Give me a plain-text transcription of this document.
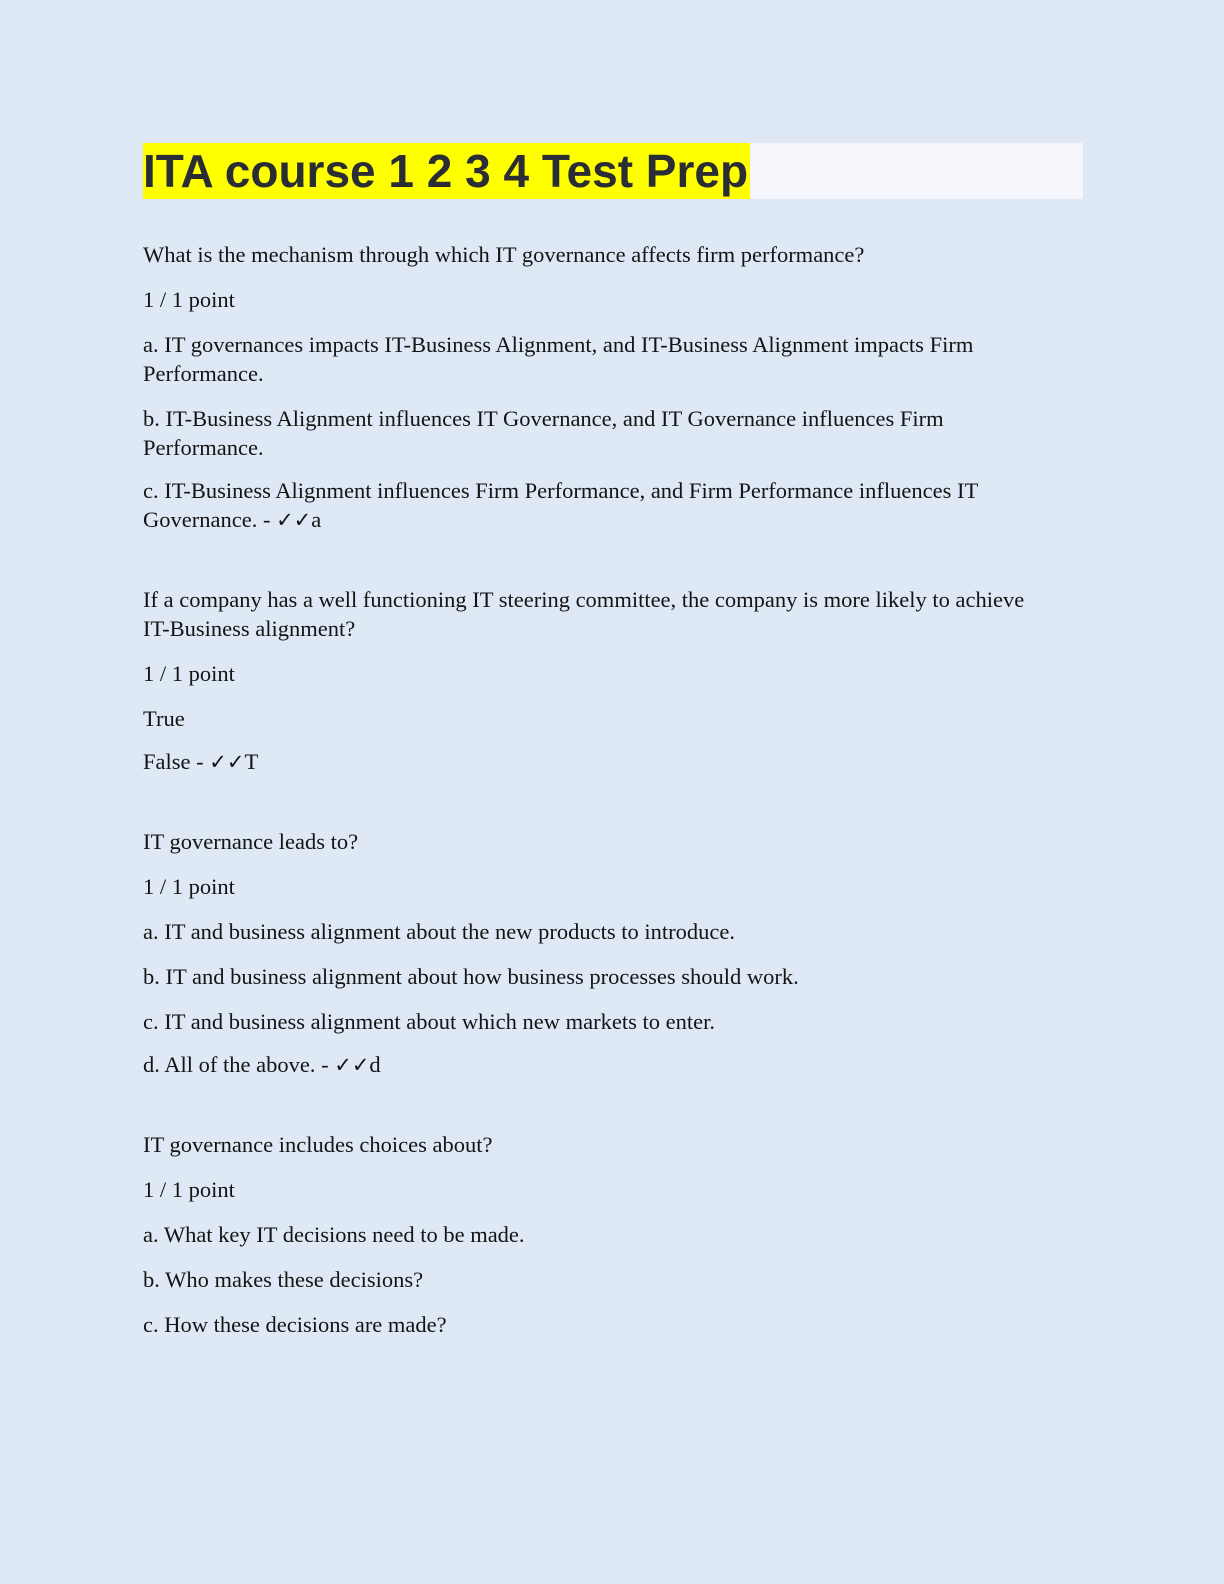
ITA course 1 2 3 4 Test Prep

What is the mechanism through which IT governance affects firm performance?

1 / 1 point

a. IT governances impacts IT-Business Alignment, and IT-Business Alignment impacts Firm Performance.

b. IT-Business Alignment influences IT Governance, and IT Governance influences Firm Performance.

c. IT-Business Alignment influences Firm Performance, and Firm Performance influences IT Governance. - ✓✓a

If a company has a well functioning IT steering committee, the company is more likely to achieve IT-Business alignment?

1 / 1 point

True

False - ✓✓T

IT governance leads to?

1 / 1 point

a. IT and business alignment about the new products to introduce.

b. IT and business alignment about how business processes should work.

c. IT and business alignment about which new markets to enter.

d. All of the above. - ✓✓d

IT governance includes choices about?

1 / 1 point

a. What key IT decisions need to be made.

b. Who makes these decisions?

c. How these decisions are made?
